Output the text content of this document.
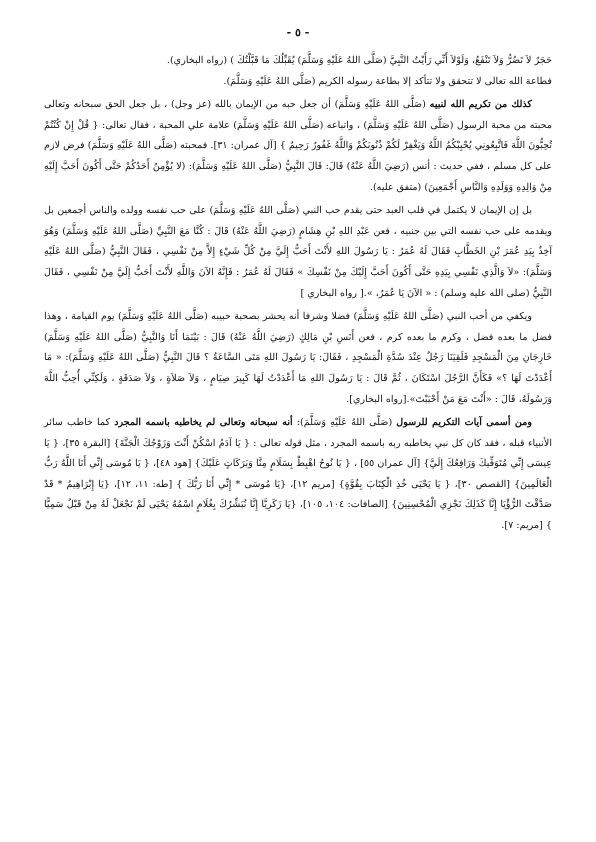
- ٥ -

حَجَرٌ لاَ تَضُرُّ وَلاَ تَنْفَعُ، وَلَوْلاَ أَنِّي رَأَيْتُ النَّبِيَّ (صَلَّى اللهُ عَلَيْهِ وَسَلَّمَ) يُقَبِّلُكَ مَا قَبَّلْتُكَ ) (رواه البخاري).

فطاعة الله تعالى لا تتحقق ولا تتأكد إلا بطاعة رسوله الكريم (صَلَّى اللهُ عَلَيْهِ وَسَلَّمَ).

كذلك من تكريم الله لنبيه (صَلَّى اللهُ عَلَيْهِ وَسَلَّمَ) أن جعل حبه من الإيمان بالله (عز وجل) ، بل جعل الحق سبحانه وتعالى محبته من محبة الرسول (صَلَّى اللهُ عَلَيْهِ وَسَلَّمَ) ، واتباعه (صَلَّى اللهُ عَلَيْهِ وَسَلَّمَ) علامة علي المحبة ، فقال تعالى: { قُلْ إِنْ كُنْتُمْ تُحِبُّونَ اللَّهَ فَاتَّبِعُونِي يُحْبِبْكُمُ اللَّهُ وَيَغْفِرْ لَكُمْ ذُنُوبَكُمْ وَاللَّهُ غَفُورٌ رَحِيمٌ } [آل عمران: ٣١]. فمحبته (صَلَّى اللهُ عَلَيْهِ وَسَلَّمَ) فرض لازم على كل مسلم ، ففي حديث : أنس (رَضِيَ اللَّهُ عَنْهُ) قَالَ: قَالَ النَّبِيُّ (صَلَّى اللهُ عَلَيْهِ وَسَلَّمَ): (لا يُؤْمِنُ أَحَدُكُمْ حَتَّى أَكُونَ أَحَبَّ إِلَيْهِ مِنْ وَالِدِهِ وَوَلَدِهِ وَالنَّاسِ أَجْمَعِينَ) (متفق عليه).

بل إن الإيمان لا يكتمل في قلب العبد حتى يقدم حب النبي (صَلَّى اللهُ عَلَيْهِ وَسَلَّمَ) على حب نفسه وولده والناس أجمعين بل ويقدمه على حب نفسه التي بين جنبيه ، فعن عَبْدِ اللهِ بْنِ هِشَامٍ (رَضِيَ اللَّهُ عَنْهُ) قَالَ : كُنَّا مَعَ النَّبِيِّ (صَلَّى اللهُ عَلَيْهِ وَسَلَّمَ) وَهُوَ آخِذٌ بِيَدِ عُمَرَ بْنِ الخَطَّابِ فَقَالَ لَهُ عُمَرُ : يَا رَسُولَ اللهِ لأَنْتَ أَحَبُّ إِلَيَّ مِنْ كُلِّ شَيْءٍ إِلاَّ مِنْ نَفْسِي ، فَقَالَ النَّبِيُّ (صَلَّى اللهُ عَلَيْهِ وَسَلَّمَ): «لاَ وَالَّذِي نَفْسِي بِيَدِهِ حَتَّى أَكُونَ أَحَبَّ إِلَيْكَ مِنْ نَفْسِكَ » فَقَالَ لَهُ عُمَرُ : فَإِنَّهُ الآنَ وَاللَّهِ لأَنْتَ أَحَبُّ إِلَيَّ مِنْ نَفْسِي ، فَقَالَ النَّبِيُّ (صلى الله عليه وسلم) : « الآنَ يَا عُمَرُ، ».[ رواه البخاري ]

ويكفي من أحب النبي (صَلَّى اللهُ عَلَيْهِ وَسَلَّمَ) فضلا وشرفا أنه يحشر بصحبة حبيبه (صَلَّى اللهُ عَلَيْهِ وَسَلَّمَ) يوم القيامة ، وهذا فضل ما بعده فضل ، وكرم ما بعده كرم ، فعن أَنَسِ بْنِ مَالِكٍ (رَضِيَ اللَّهُ عَنْهُ) قَالَ : بَيْنَمَا أَنَا وَالنَّبِيُّ (صَلَّى اللهُ عَلَيْهِ وَسَلَّمَ) خَارِجَانِ مِنَ الْمَسْجِدِ فَلَقِيَنَا رَجُلٌ عِنْدَ سُدَّةِ الْمَسْجِدِ ، فَقَالَ: يَا رَسُولَ اللهِ مَتَى السَّاعَةُ ؟ قَالَ النَّبِيُّ (صَلَّى اللهُ عَلَيْهِ وَسَلَّمَ): « مَا أَعْدَدْتَ لَهَا ؟» فَكَأَنَّ الرَّجُلَ اسْتَكَانَ ، ثُمَّ قَالَ : يَا رَسُولَ اللهِ مَا أَعْدَدْتُ لَهَا كَبِيرَ صِيَامٍ ، وَلاَ صَلاَةٍ ، وَلاَ صَدَقَةٍ ، وَلَكِنِّي أُحِبُّ اللَّهَ وَرَسُولَهُ، قَالَ : «أَنْتَ مَعَ مَنْ أَحْبَبْتَ».[رواه البخاري].

ومن أسمى آيات التكريم للرسول (صَلَّى اللهُ عَلَيْهِ وَسَلَّمَ): أنه سبحانه وتعالى لم يخاطبه باسمه المجرد كما خاطب سائر الأنبياء قبله ، فقد كان كل نبي يخاطبه ربه باسمه المجرد ، مثل قوله تعالى : { يَا آدَمُ اسْكُنْ أَنْتَ وَزَوْجُكَ الْجَنَّةَ} [البقرة ٣٥]، { يَا عِيسَى إِنِّي مُتَوَفِّيكَ وَرَافِعُكَ إِلَيَّ} [آل عمران ٥٥] ، { يَا نُوحُ اهْبِطْ بِسَلَامٍ مِنَّا وَبَرَكَاتٍ عَلَيْكَ} [هود ٤٨]، { يَا مُوسَى إِنِّي أَنَا اللَّهُ رَبُّ الْعَالَمِينَ} [القصص ٣٠]، { يَا يَحْيَى خُذِ الْكِتَابَ بِقُوَّةٍ} [مريم ١٢]، {يَا مُوسَى * إِنِّي أَنَا رَبُّكَ } [طه: ١١، ١٢]، {يَا إِبْرَاهِيمُ * قَدْ صَدَّقْتَ الرُّؤْيَا إِنَّا كَذَلِكَ نَجْزِي الْمُحْسِنِينَ} [الصافات: ١٠٤، ١٠٥]، {يَا زَكَرِيَّا إِنَّا نُبَشِّرُكَ بِغُلَامٍ اسْمُهُ يَحْيَى لَمْ نَجْعَلْ لَهُ مِنْ قَبْلُ سَمِيًّا } [مريم: ٧].
